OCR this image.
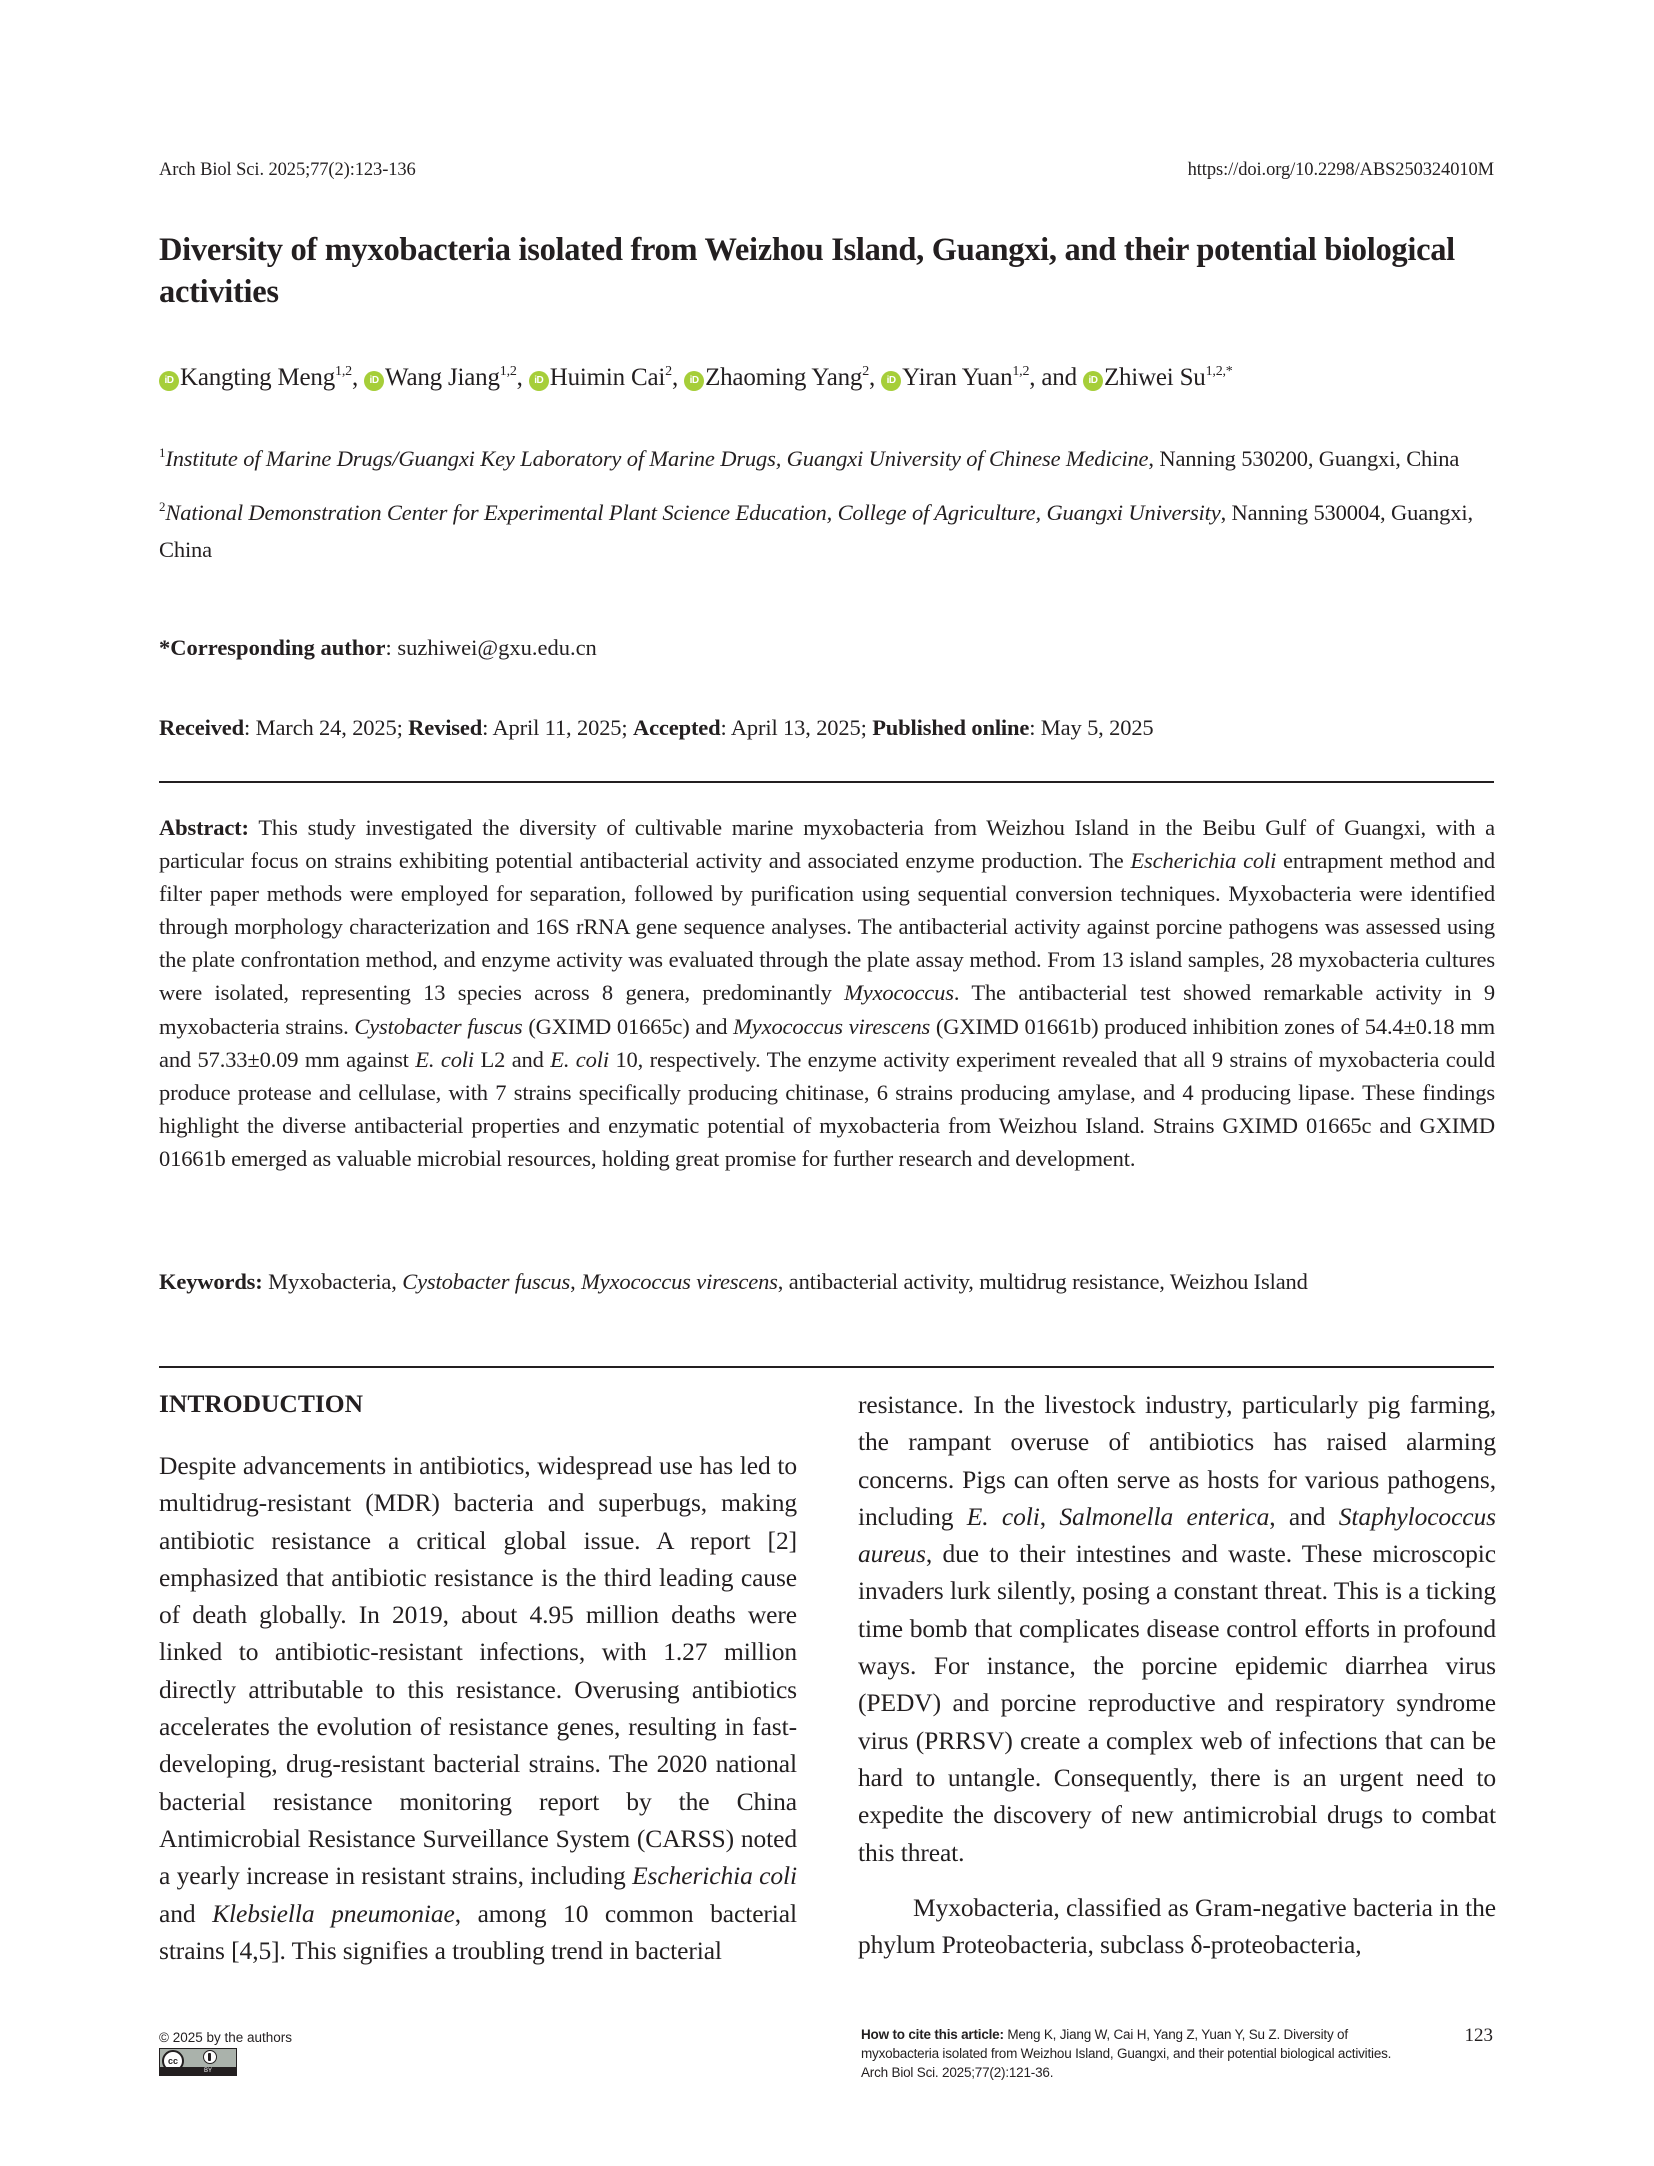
Arch Biol Sci. 2025;77(2):123-136	https://doi.org/10.2298/ABS250324010M
Diversity of myxobacteria isolated from Weizhou Island, Guangxi, and their potential biological activities
iD Kangting Meng$^{1,2}$, iD Wang Jiang$^{1,2}$, iD Huimin Cai$^2$, iD Zhaoming Yang$^2$, iD Yiran Yuan$^{1,2}$, and iD Zhiwei $Su^{1,2,*}$
$^1$Institute of Marine Drugs/Guangxi Key Laboratory of Marine Drugs, Guangxi University of Chinese Medicine, Nanning 530200, Guangxi, China
$^2$National Demonstration Center for Experimental Plant Science Education, College of Agriculture, Guangxi University, Nanning 530004, Guangxi, China
*Corresponding author: suzhiwei@gxu.edu.cn
Received: March 24, 2025; Revised: April 11, 2025; Accepted: April 13, 2025; Published online: May 5, 2025
Abstract: This study investigated the diversity of cultivable marine myxobacteria from Weizhou Island in the Beibu Gulf of Guangxi, with a particular focus on strains exhibiting potential antibacterial activity and associated enzyme production. The Escherichia coli entrapment method and filter paper methods were employed for separation, followed by purification using sequential conversion techniques. Myxobacteria were identified through morphology characterization and 16S rRNA gene sequence analyses. The antibacterial activity against porcine pathogens was assessed using the plate confrontation method, and enzyme activity was evaluated through the plate assay method. From 13 island samples, 28 myxobacteria cultures were isolated, representing 13 species across 8 genera, predominantly Myxococcus. The antibacterial test showed remarkable activity in 9 myxobacteria strains. Cystobacter fuscus (GXIMD 01665c) and Myxococcus virescens (GXIMD 01661b) produced inhibition zones of 54.4±0.18 mm and 57.33±0.09 mm against E. coli L2 and E. coli 10, respectively. The enzyme activity experiment revealed that all 9 strains of myxobacteria could produce protease and cellulase, with 7 strains specifically producing chitinase, 6 strains producing amylase, and 4 producing lipase. These findings highlight the diverse antibacterial properties and enzymatic potential of myxobacteria from Weizhou Island. Strains GXIMD 01665c and GXIMD 01661b emerged as valuable microbial resources, holding great promise for further research and development.
Keywords: Myxobacteria, Cystobacter fuscus, Myxococcus virescens, antibacterial activity, multidrug resistance, Weizhou Island
INTRODUCTION

Despite advancements in antibiotics, widespread use has led to multidrug-resistant (MDR) bacteria and superbugs, making antibiotic resistance a critical global issue. A report [2] emphasized that antibiotic resistance is the third leading cause of death globally. In 2019, about 4.95 million deaths were linked to antibiotic-resistant infections, with 1.27 million directly attributable to this resistance. Overusing antibiotics accelerates the evolution of resistance genes, resulting in fast-developing, drug-resistant bacterial strains. The 2020 national bacterial resistance monitoring report by the China Antimicrobial Resistance Surveillance System (CARSS) noted a yearly increase in resistant strains, including Escherichia coli and Klebsiella pneumoniae, among 10 common bacterial strains [4,5]. This signifies a troubling trend in bacterial

resistance. In the livestock industry, particularly pig farming, the rampant overuse of antibiotics has raised alarming concerns. Pigs can often serve as hosts for various pathogens, including E. coli, Salmonella enterica, and Staphylococcus aureus, due to their intestines and waste. These microscopic invaders lurk silently, posing a constant threat. This is a ticking time bomb that complicates disease control efforts in profound ways. For instance, the porcine epidemic diarrhea virus (PEDV) and porcine reproductive and respiratory syndrome virus (PRRSV) create a complex web of infections that can be hard to untangle. Consequently, there is an urgent need to expedite the discovery of new antimicrobial drugs to combat this threat.

Myxobacteria, classified as Gram-negative bacteria in the phylum Proteobacteria, subclass δ-proteobacteria,

© 2025 by the authors
cc
BY
How to cite this article: Meng K, Jiang W, Cai H, Yang Z, Yuan Y, Su Z. Diversity of myxobacteria isolated from Weizhou Island, Guangxi, and their potential biological activities. Arch Biol Sci. 2025;77(2):121-36.
123
